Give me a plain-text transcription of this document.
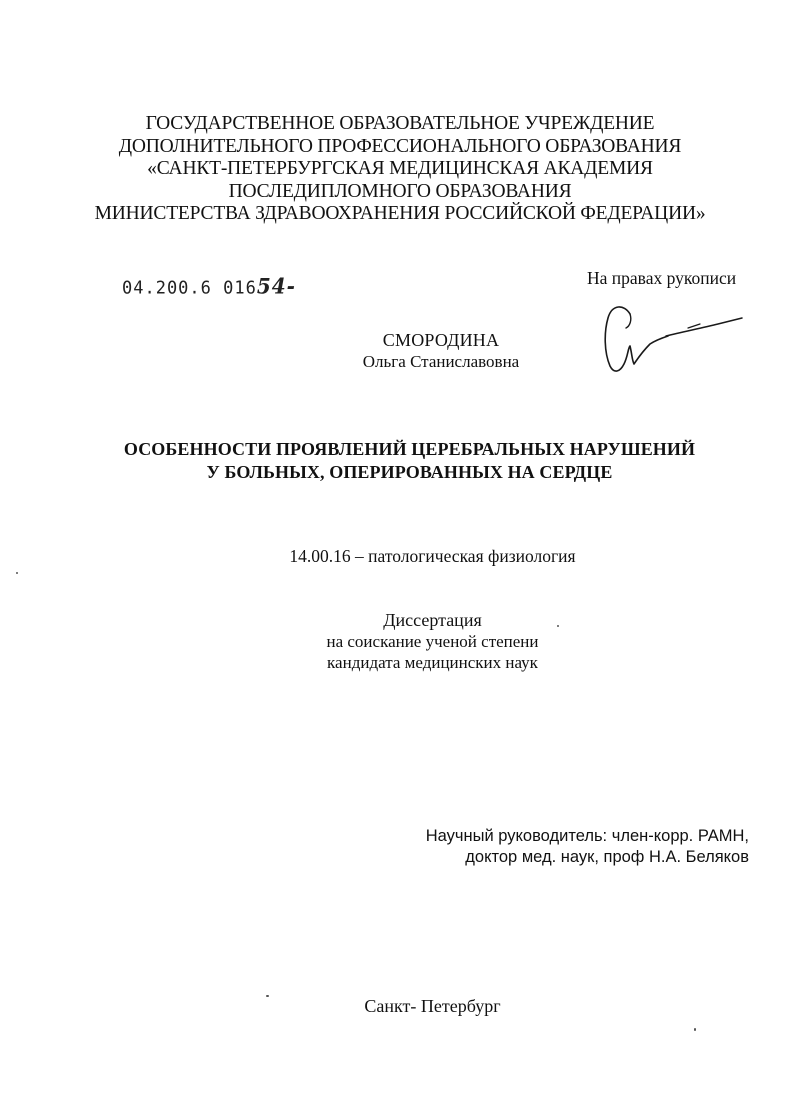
ГОСУДАРСТВЕННОЕ ОБРАЗОВАТЕЛЬНОЕ УЧРЕЖДЕНИЕ
ДОПОЛНИТЕЛЬНОГО ПРОФЕССИОНАЛЬНОГО ОБРАЗОВАНИЯ
«САНКТ-ПЕТЕРБУРГСКАЯ МЕДИЦИНСКАЯ АКАДЕМИЯ
ПОСЛЕДИПЛОМНОГО ОБРАЗОВАНИЯ
МИНИСТЕРСТВА ЗДРАВООХРАНЕНИЯ РОССИЙСКОЙ ФЕДЕРАЦИИ»
04.200.6 01654-	На правах рукописи
СМОРОДИНА
Ольга Станиславовна
ОСОБЕННОСТИ ПРОЯВЛЕНИЙ ЦЕРЕБРАЛЬНЫХ НАРУШЕНИЙ
У БОЛЬНЫХ, ОПЕРИРОВАННЫХ НА СЕРДЦЕ
14.00.16 – патологическая физиология
Диссертация
на соискание ученой степени
кандидата медицинских наук
Научный руководитель: член-корр. РАМН,
доктор мед. наук, проф Н.А. Беляков
Санкт- Петербург
